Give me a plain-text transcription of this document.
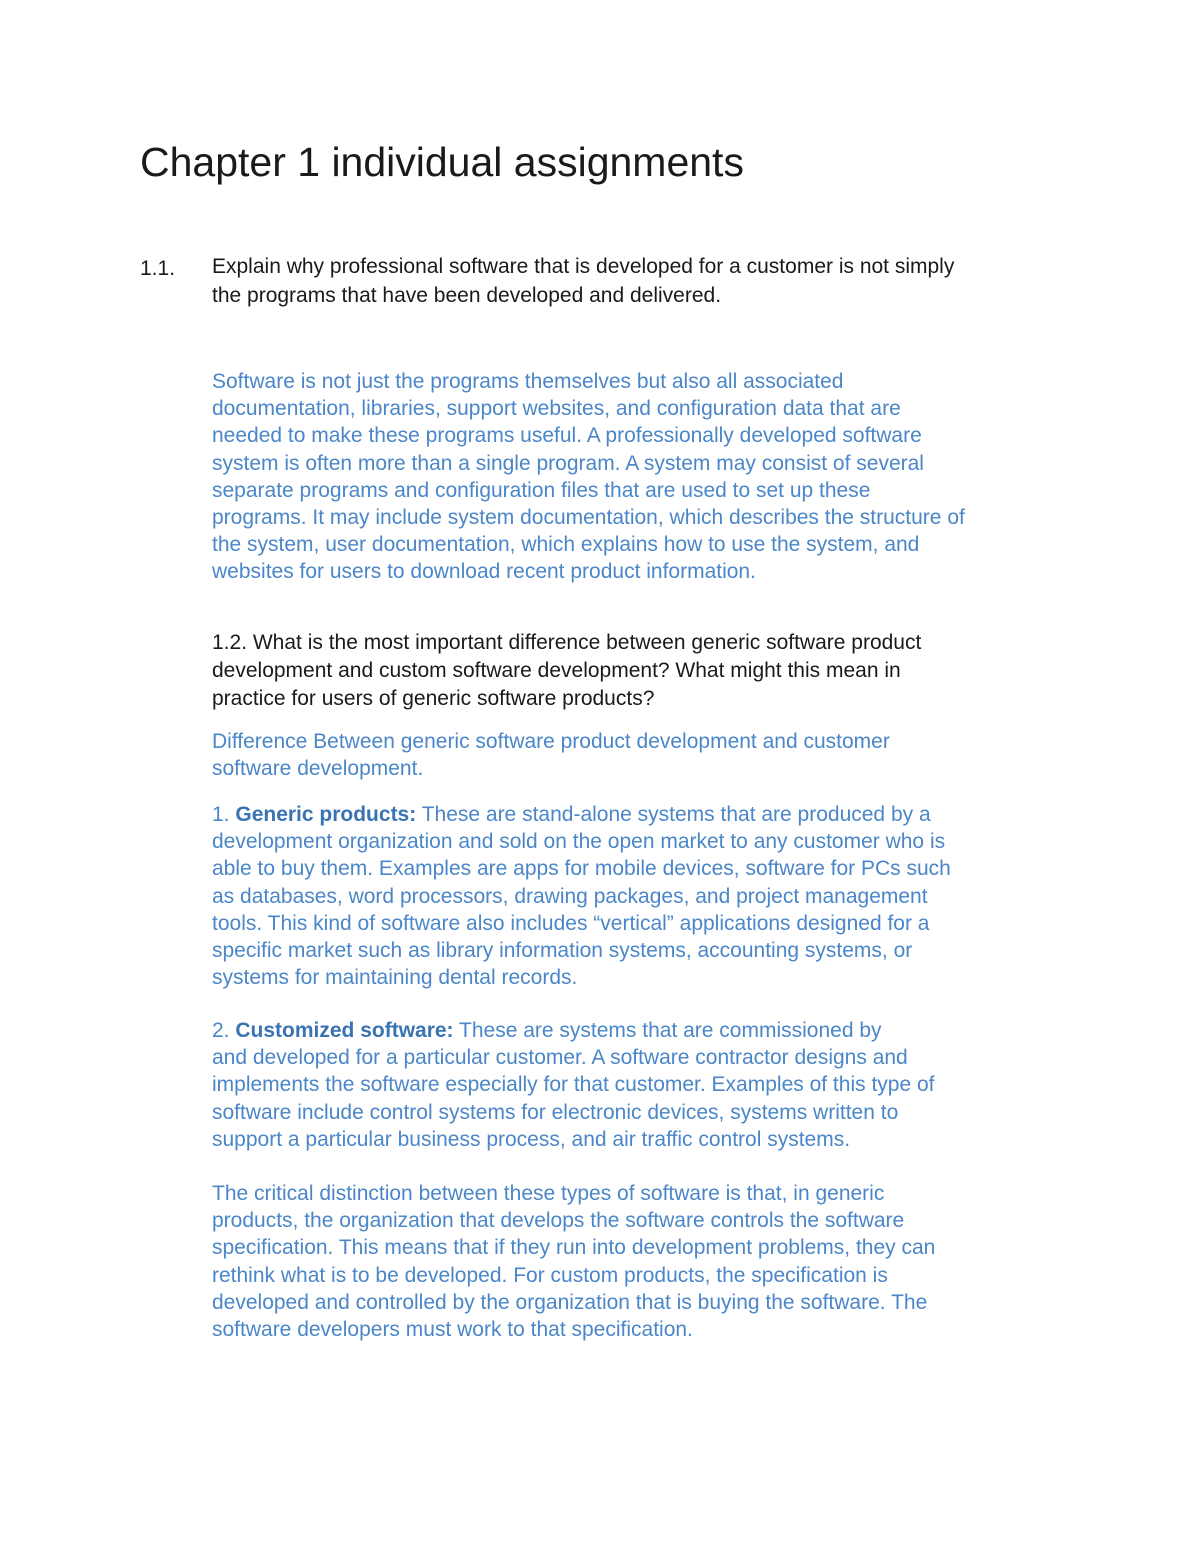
Chapter 1 individual assignments
1.1. Explain why professional software that is developed for a customer is not simply
the programs that have been developed and delivered.
Software is not just the programs themselves but also all associated
documentation, libraries, support websites, and configuration data that are
needed to make these programs useful. A professionally developed software
system is often more than a single program. A system may consist of several
separate programs and configuration files that are used to set up these
programs. It may include system documentation, which describes the structure of
the system, user documentation, which explains how to use the system, and
websites for users to download recent product information.
1.2. What is the most important difference between generic software product
development and custom software development? What might this mean in
practice for users of generic software products?
Difference Between generic software product development and customer
software development.
1. Generic products: These are stand-alone systems that are produced by a
development organization and sold on the open market to any customer who is
able to buy them. Examples are apps for mobile devices, software for PCs such
as databases, word processors, drawing packages, and project management
tools. This kind of software also includes “vertical” applications designed for a
specific market such as library information systems, accounting systems, or
systems for maintaining dental records.
2. Customized software: These are systems that are commissioned by
and developed for a particular customer. A software contractor designs and
implements the software especially for that customer. Examples of this type of
software include control systems for electronic devices, systems written to
support a particular business process, and air traffic control systems.
The critical distinction between these types of software is that, in generic
products, the organization that develops the software controls the software
specification. This means that if they run into development problems, they can
rethink what is to be developed. For custom products, the specification is
developed and controlled by the organization that is buying the software. The
software developers must work to that specification.
